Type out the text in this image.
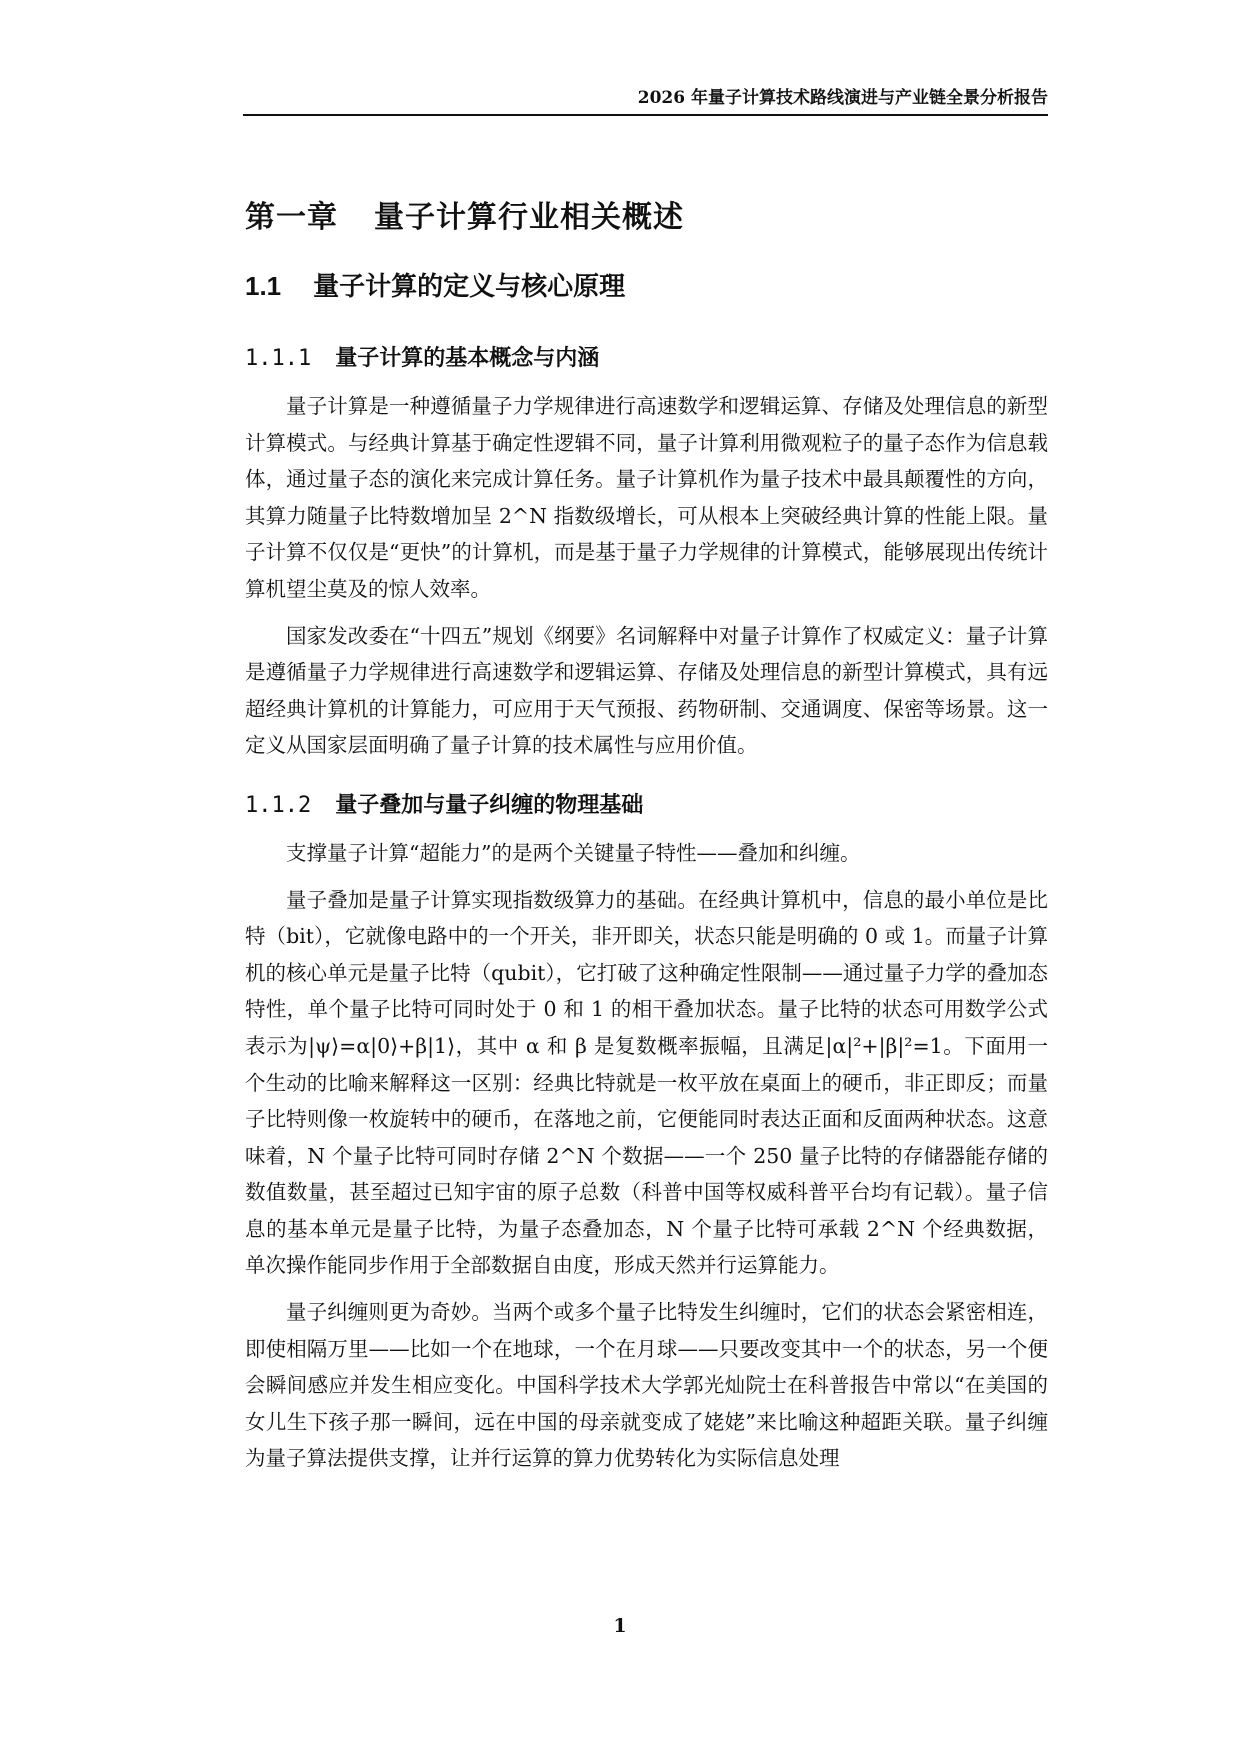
2026 年量子计算技术路线演进与产业链全景分析报告
第一章 量子计算行业相关概述
1.1 量子计算的定义与核心原理
1.1.1 量子计算的基本概念与内涵

量子计算是一种遵循量子力学规律进行高速数学和逻辑运算、存储及处理信息的新型计算模式。与经典计算基于确定性逻辑不同，量子计算利用微观粒子的量子态作为信息载体，通过量子态的演化来完成计算任务。量子计算机作为量子技术中最具颠覆性的方向，其算力随量子比特数增加呈 2^N 指数级增长，可从根本上突破经典计算的性能上限。量子计算不仅仅是“更快”的计算机，而是基于量子力学规律的计算模式，能够展现出传统计算机望尘莫及的惊人效率。

国家发改委在“十四五”规划《纲要》名词解释中对量子计算作了权威定义：量子计算是遵循量子力学规律进行高速数学和逻辑运算、存储及处理信息的新型计算模式，具有远超经典计算机的计算能力，可应用于天气预报、药物研制、交通调度、保密等场景。这一定义从国家层面明确了量子计算的技术属性与应用价值。

1.1.2 量子叠加与量子纠缠的物理基础

支撑量子计算“超能力”的是两个关键量子特性——叠加和纠缠。

量子叠加是量子计算实现指数级算力的基础。在经典计算机中，信息的最小单位是比特（bit），它就像电路中的一个开关，非开即关，状态只能是明确的 0 或 1。而量子计算机的核心单元是量子比特（qubit），它打破了这种确定性限制——通过量子力学的叠加态特性，单个量子比特可同时处于 0 和 1 的相干叠加状态。量子比特的状态可用数学公式表示为|ψ⟩=α|0⟩+β|1⟩，其中 α 和 β 是复数概率振幅，且满足|α|²+|β|²=1。下面用一个生动的比喻来解释这一区别：经典比特就是一枚平放在桌面上的硬币，非正即反；而量子比特则像一枚旋转中的硬币，在落地之前，它便能同时表达正面和反面两种状态。这意味着，N 个量子比特可同时存储 2^N 个数据——一个 250 量子比特的存储器能存储的数值数量，甚至超过已知宇宙的原子总数（科普中国等权威科普平台均有记载）。量子信息的基本单元是量子比特，为量子态叠加态，N 个量子比特可承载 2^N 个经典数据，单次操作能同步作用于全部数据自由度，形成天然并行运算能力。

量子纠缠则更为奇妙。当两个或多个量子比特发生纠缠时，它们的状态会紧密相连，即使相隔万里——比如一个在地球，一个在月球——只要改变其中一个的状态，另一个便会瞬间感应并发生相应变化。中国科学技术大学郭光灿院士在科普报告中常以“在美国的女儿生下孩子那一瞬间，远在中国的母亲就变成了姥姥”来比喻这种超距关联。量子纠缠为量子算法提供支撑，让并行运算的算力优势转化为实际信息处理

1
